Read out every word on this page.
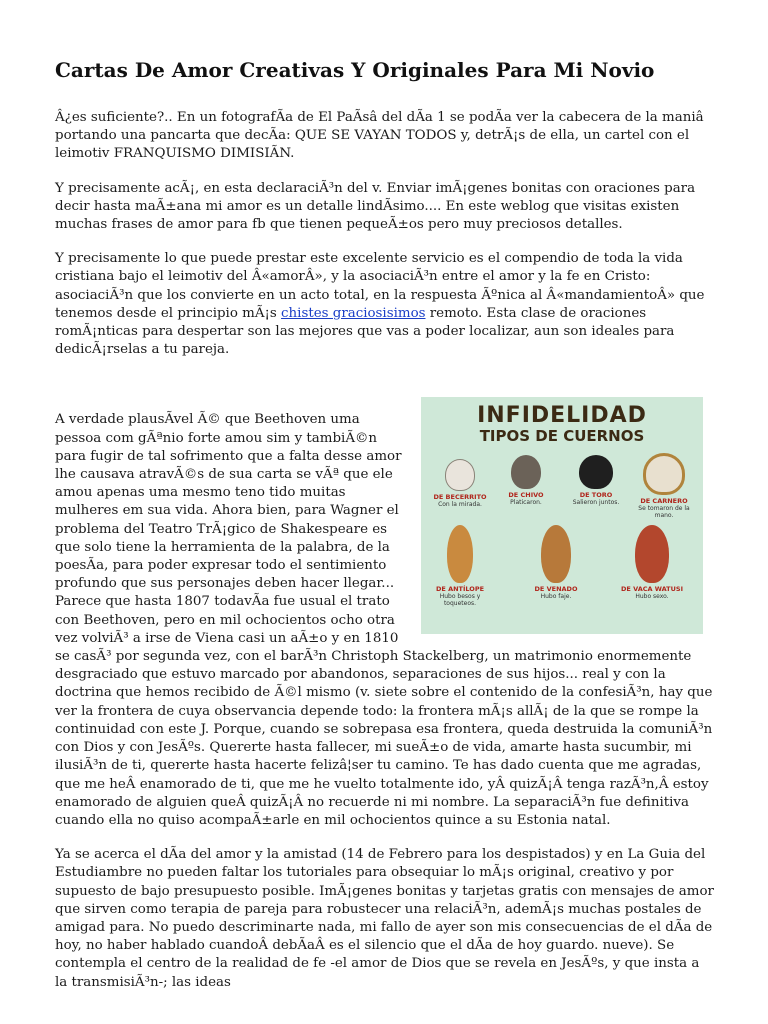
Cartas De Amor Creativas Y Originales Para Mi Novio

Â¿es suficiente?.. En un fotografÃa de El PaÃsâ del dÃa 1 se podÃa ver la cabecera de la maniâ portando una pancarta que decÃa: QUE SE VAYAN TODOS y, detrÃ¡s de ella, un cartel con el leimotiv FRANQUISMO DIMISIÃN.

Y precisamente acÃ¡, en esta declaraciÃ³n del v. Enviar imÃ¡genes bonitas con oraciones para decir hasta maÃ±ana mi amor es un detalle lindÃsimo.... En este weblog que visitas existen muchas frases de amor para fb que tienen pequeÃ±os pero muy preciosos detalles.

Y precisamente lo que puede prestar este excelente servicio es el compendio de toda la vida cristiana bajo el leimotiv del Â«amorÂ», y la asociaciÃ³n entre el amor y la fe en Cristo: asociaciÃ³n que los convierte en un acto total, en la respuesta Ãºnica al Â«mandamientoÂ» que tenemos desde el principio mÃ¡s chistes graciosisimos remoto. Esta clase de oraciones romÃ¡nticas para despertar son las mejores que vas a poder localizar, aun son ideales para dedicÃ¡rselas a tu pareja.

INFIDELIDAD
TIPOS DE CUERNOS
DE BECERRITO
Con la mirada.
DE CHIVO
Platicaron.
DE TORO
Salieron juntos.	DE CARNERO
Se tomaron de la mano.
DE ANTÍLOPE
Hubo besos y toqueteos.
DE VENADO
Hubo faje.
DE VACA WATUSI
Hubo sexo.

A verdade plausÃvel Ã© que Beethoven uma pessoa com gÃªnio forte amou sim y tambiÃ©n para fugir de tal sofrimento que a falta desse amor lhe causava atravÃ©s de sua carta se vÃª que ele amou apenas uma mesmo teno tido muitas mulheres em sua vida. Ahora bien, para Wagner el problema del Teatro TrÃ¡gico de Shakespeare es que solo tiene la herramienta de la palabra, de la poesÃa, para poder expresar todo el sentimiento profundo que sus personajes deben hacer llegar... Parece que hasta 1807 todavÃa fue usual el trato con Beethoven, pero en mil ochocientos ocho otra vez volviÃ³ a irse de Viena casi un aÃ±o y en 1810 se casÃ³ por segunda vez, con el barÃ³n Christoph Stackelberg, un matrimonio enormemente desgraciado que estuvo marcado por abandonos, separaciones de sus hijos... real y con la doctrina que hemos recibido de Ã©l mismo (v. siete sobre el contenido de la confesiÃ³n, hay que ver la frontera de cuya observancia depende todo: la frontera mÃ¡s allÃ¡ de la que se rompe la continuidad con este J. Porque, cuando se sobrepasa esa frontera, queda destruida la comuniÃ³n con Dios y con JesÃºs. Quererte hasta fallecer, mi sueÃ±o de vida, amarte hasta sucumbir, mi ilusiÃ³n de ti, quererte hasta hacerte felizâ¦ser tu camino. Te has dado cuenta que me agradas, que me heÂ enamorado de ti, que me he vuelto totalmente ido, yÂ quizÃ¡Â tenga razÃ³n,Â estoy enamorado de alguien queÂ quizÃ¡Â no recuerde ni mi nombre. La separaciÃ³n fue definitiva cuando ella no quiso acompaÃ±arle en mil ochocientos quince a su Estonia natal.

Ya se acerca el dÃa del amor y la amistad (14 de Febrero para los despistados) y en La Guia del Estudiambre no pueden faltar los tutoriales para obsequiar lo mÃ¡s original, creativo y por supuesto de bajo presupuesto posible. ImÃ¡genes bonitas y tarjetas gratis con mensajes de amor que sirven como terapia de pareja para robustecer una relaciÃ³n, ademÃ¡s muchas postales de amigad para. No puedo descriminarte nada, mi fallo de ayer son mis consecuencias de el dÃa de hoy, no haber hablado cuandoÂ debÃaÂ es el silencio que el dÃa de hoy guardo. nueve). Se contempla el centro de la realidad de fe -el amor de Dios que se revela en JesÃºs, y que insta a la transmisiÃ³n-; las ideas
